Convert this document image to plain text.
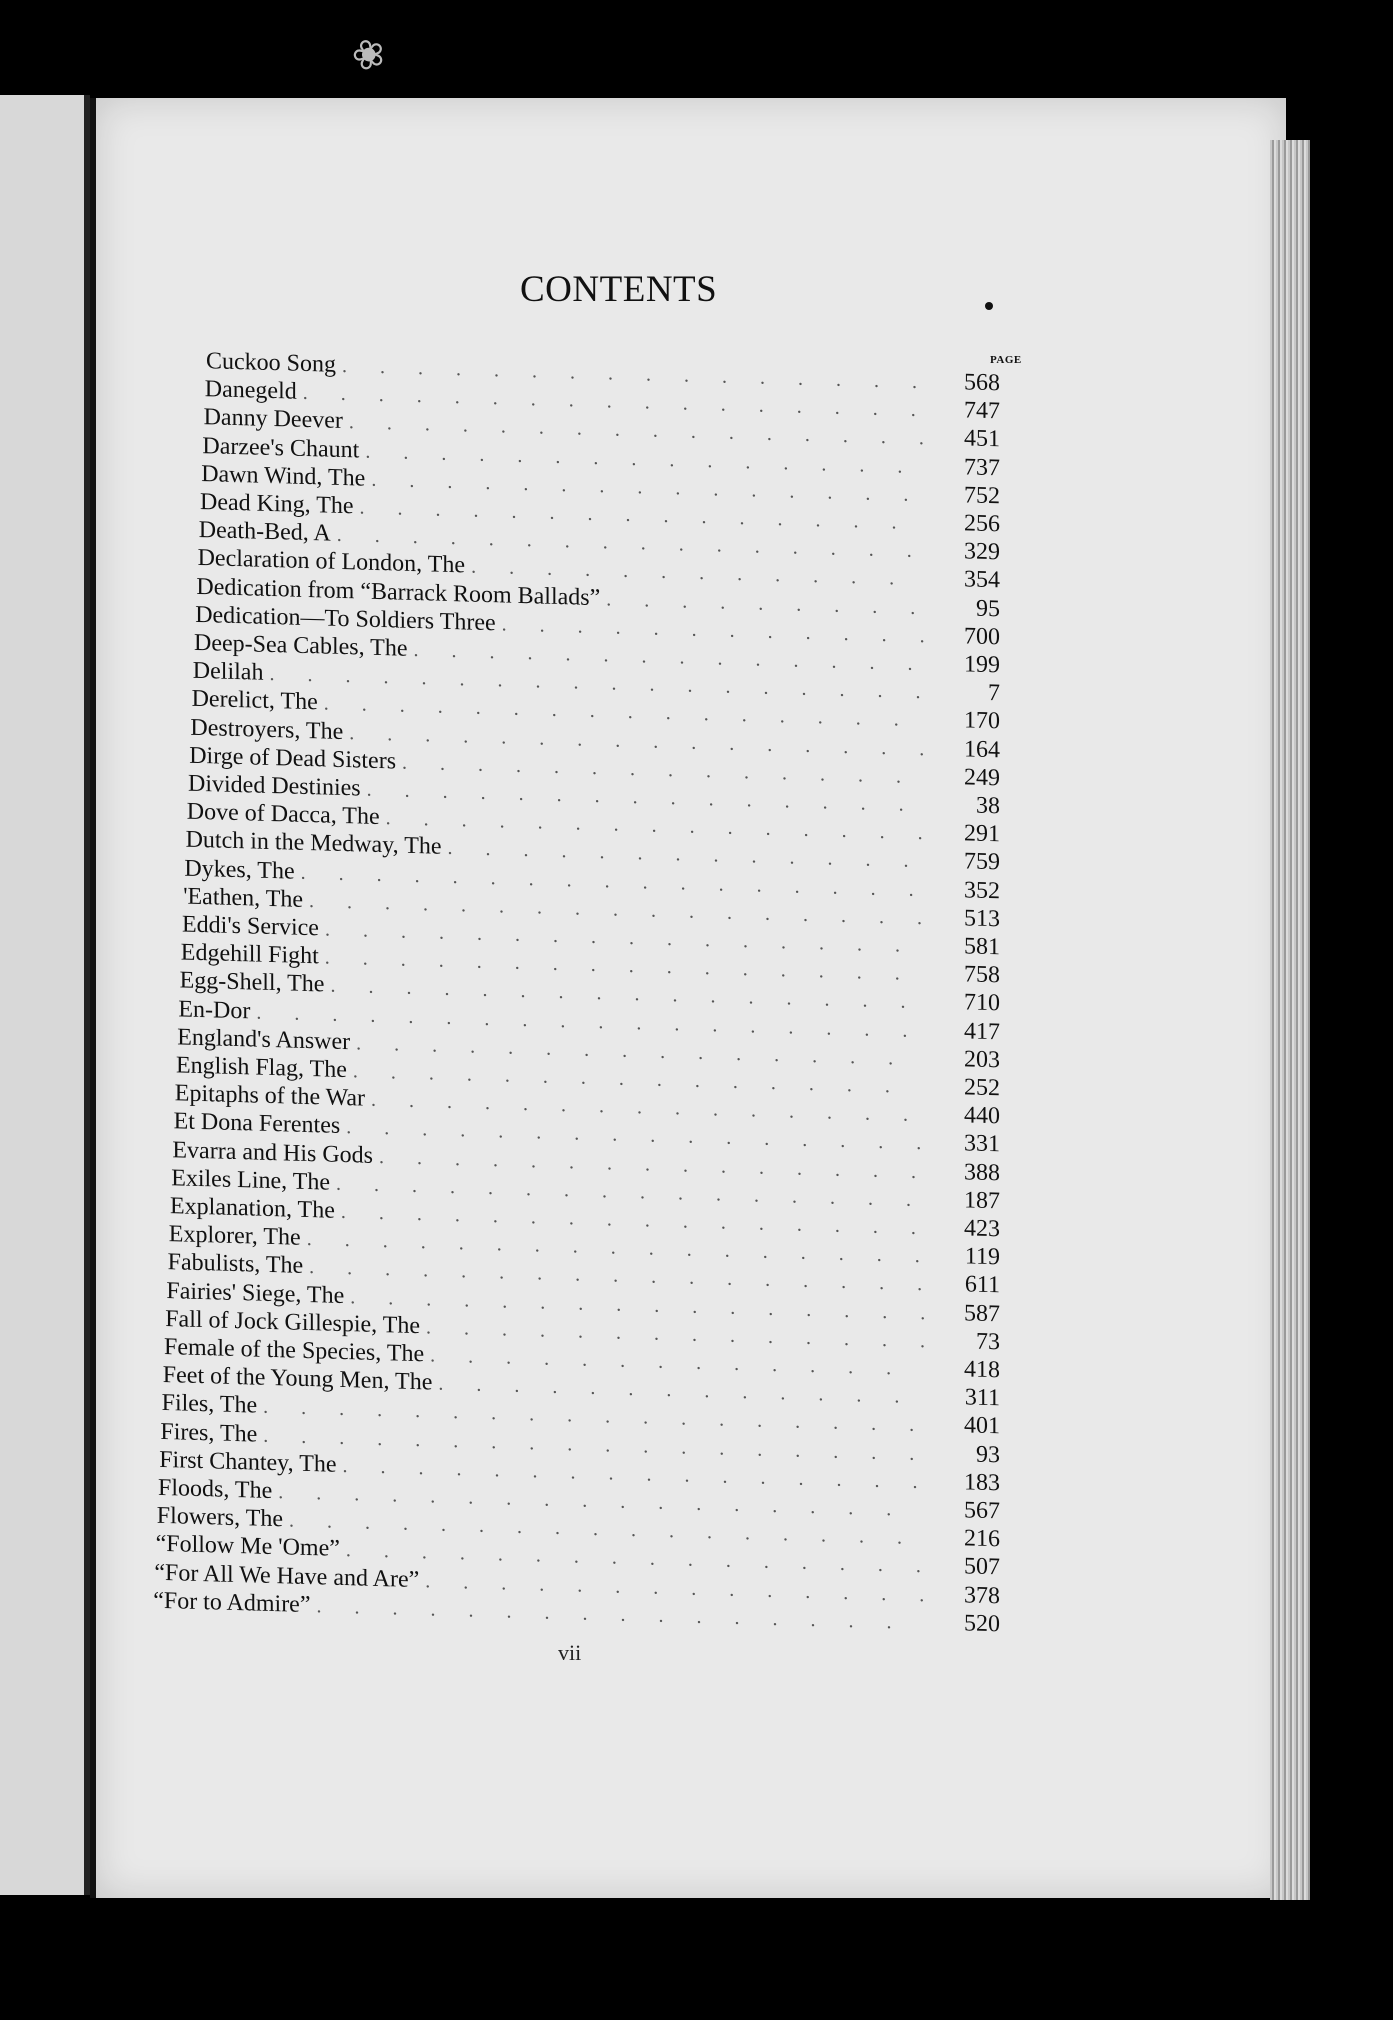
❀
CONTENTS
PAGE
Cuckoo Song
. . .
568
Danegeld
. . .
747
Danny Deever
. . .
451
Darzee's Chaunt
. . .
737
Dawn Wind, The
. . .
752
Dead King, The
. . .
256
Death-Bed, A
. . .
329
Declaration of London, The
. . .
354
Dedication from “Barrack Room Ballads”
. . .	95
Dedication—To Soldiers Three
. . .
700
Deep-Sea Cables, The
. . .
199
Delilah
. . .
7
Derelict, The
. . .
170
Destroyers, The
. . .
164
Dirge of Dead Sisters
. . .
249
Divided Destinies
. . .
38
Dove of Dacca, The
. . .
291
Dutch in the Medway, The
. . .
759
Dykes, The
. . .
352
'Eathen, The
. . .
513
Eddi's Service
. . .
581
Edgehill Fight
. . .
758
Egg-Shell, The
. . .
710
En-Dor
. . .
417
England's Answer
. . .
203
English Flag, The
. . .
252
Epitaphs of the War
. . .
440
Et Dona Ferentes
. . .
331
Evarra and His Gods
. . .
388
Exiles Line, The
. . .
187
Explanation, The
. . .
423
Explorer, The
. . .
119
Fabulists, The
. . .
611
Fairies' Siege, The
. . .
587
Fall of Jock Gillespie, The
. . .
73
Female of the Species, The
. . .
418
Feet of the Young Men, The
. . .
311
Files, The
. . .
401
Fires, The
. . .
93
First Chantey, The
. . .
183
Floods, The
. . .
567
Flowers, The
. . .
216
“Follow Me 'Ome”
. . .
507
“For All We Have and Are”
. . .
378
“For to Admire”
. . .
520
vii
